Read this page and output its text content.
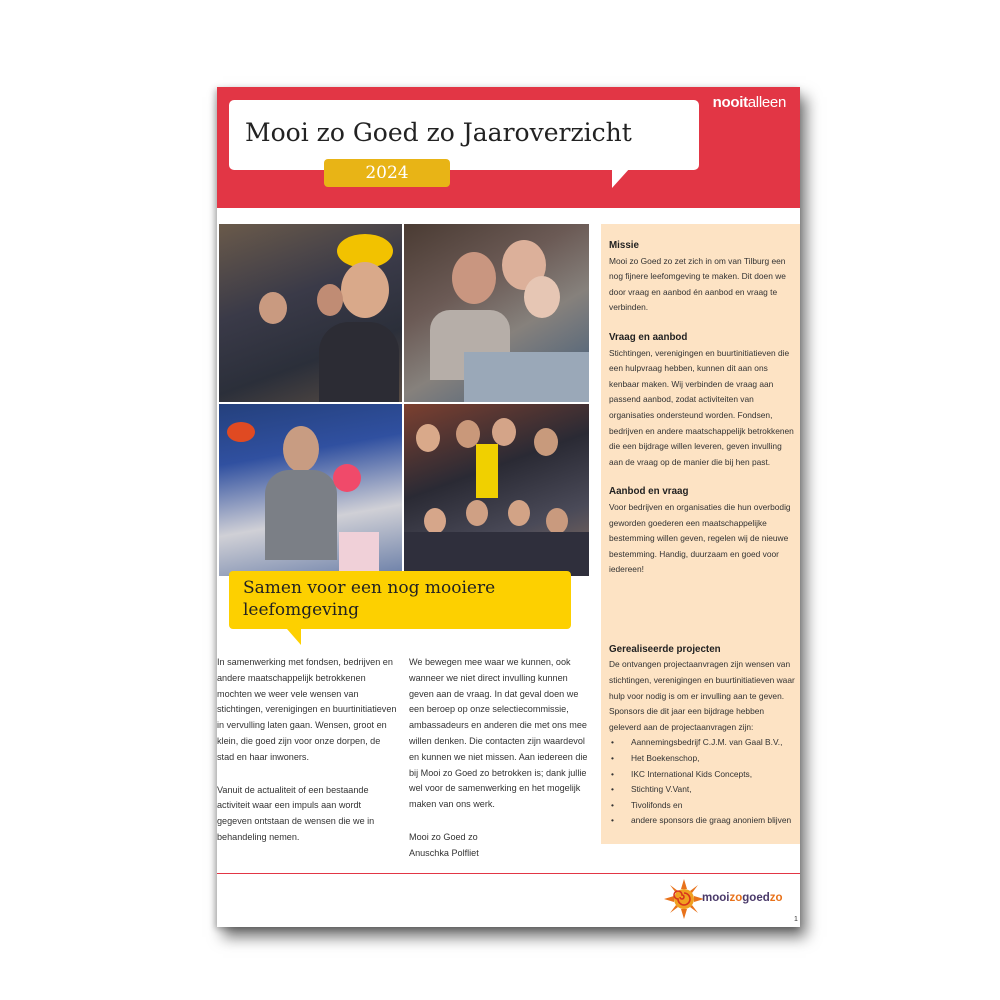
nooitalleen
Mooi zo Goed zo Jaaroverzicht
2024
Samen voor een nog mooiere
leefomgeving

In samenwerking met fondsen, bedrijven en andere maatschappelijk betrokkenen mochten we weer vele wensen van stichtingen, verenigingen en buurtinitiatieven in vervulling laten gaan. Wensen, groot en klein, die goed zijn voor onze dorpen, de stad en haar inwoners.

Vanuit de actualiteit of een bestaande activiteit waar een impuls aan wordt gegeven ontstaan de wensen die we in behandeling nemen.

We bewegen mee waar we kunnen, ook wanneer we niet direct invulling kunnen geven aan de vraag. In dat geval doen we een beroep op onze selectiecommissie, ambassadeurs en anderen die met ons mee willen denken. Die contacten zijn waardevol en kunnen we niet missen. Aan iedereen die bij Mooi zo Goed zo betrokken is; dank jullie wel voor de samenwerking en het mogelijk maken van ons werk.

Mooi zo Goed zo
Anuschka Polfliet
Missie

Mooi zo Goed zo zet zich in om van Tilburg een nog fijnere leefomgeving te maken. Dit doen we door vraag en aanbod én aanbod en vraag te verbinden.

Vraag en aanbod

Stichtingen, verenigingen en buurtinitiatieven die een hulpvraag hebben, kunnen dit aan ons kenbaar maken. Wij verbinden de vraag aan passend aanbod, zodat activiteiten van organisaties ondersteund worden. Fondsen, bedrijven en andere maatschappelijk betrokkenen die een bijdrage willen leveren, geven invulling aan de vraag op de manier die bij hen past.

Aanbod en vraag

Voor bedrijven en organisaties die hun overbodig geworden goederen een maatschappelijke bestemming willen geven, regelen wij de nieuwe bestemming. Handig, duurzaam en goed voor iedereen!

Gerealiseerde projecten
De ontvangen projectaanvragen zijn wensen van stichtingen, verenigingen en buurtinitiatieven waar hulp voor nodig is om er invulling aan te geven. Sponsors die dit jaar een bijdrage hebben geleverd aan de projectaanvragen zijn:
• Aannemingsbedrijf C.J.M. van Gaal B.V.,
• Het Boekenschop,
• IKC International Kids Concepts,
• Stichting V.Vant,
• Tivolifonds en
• andere sponsors die graag anoniem blijven
mooizogoedzo
1
